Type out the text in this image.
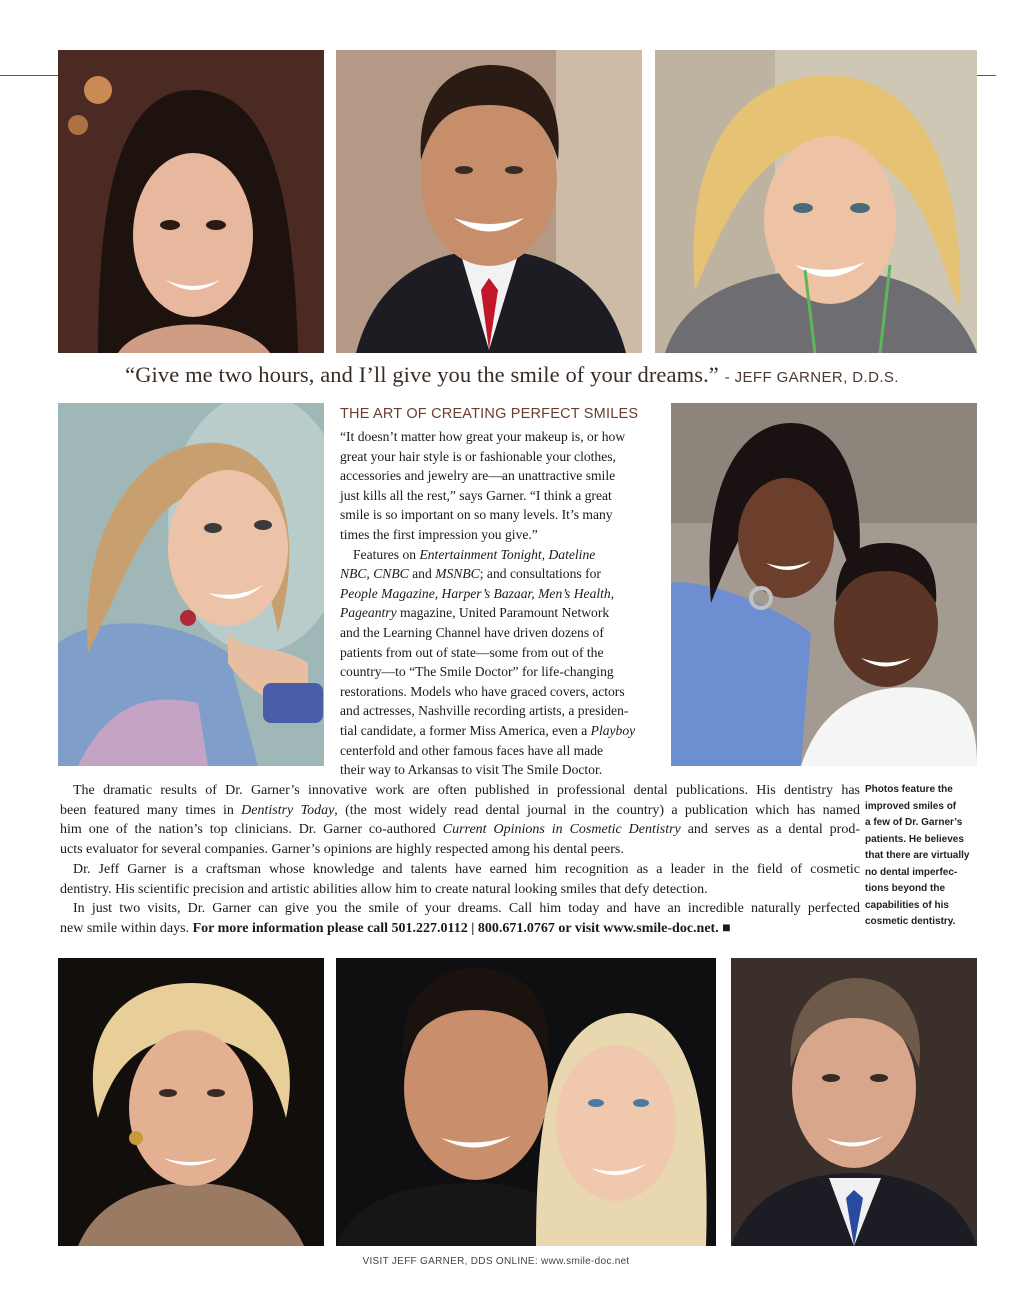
“Give me two hours, and I’ll give you the smile of your dreams.” - JEFF GARNER, D.D.S.
THE ART OF CREATING PERFECT SMILES
“It doesn’t matter how great your makeup is, or how
great your hair style is or fashionable your clothes,
accessories and jewelry are—an unattractive smile
just kills all the rest,” says Garner. “I think a great
smile is so important on so many levels. It’s many
times the first impression you give.”
Features on Entertainment Tonight, Dateline
NBC, CNBC and MSNBC; and consultations for
People Magazine, Harper’s Bazaar, Men’s Health,
Pageantry magazine, United Paramount Network
and the Learning Channel have driven dozens of
patients from out of state—some from out of the
country—to “The Smile Doctor” for life-changing
restorations. Models who have graced covers, actors
and actresses, Nashville recording artists, a presiden-
tial candidate, a former Miss America, even a Playboy
centerfold and other famous faces have all made
their way to Arkansas to visit The Smile Doctor.
The dramatic results of Dr. Garner’s innovative work are often published in professional dental publications. His dentistry has
been featured many times in Dentistry Today, (the most widely read dental journal in the country) a publication which has named
him one of the nation’s top clinicians. Dr. Garner co-authored Current Opinions in Cosmetic Dentistry and serves as a dental prod-
ucts evaluator for several companies. Garner’s opinions are highly respected among his dental peers.
Dr. Jeff Garner is a craftsman whose knowledge and talents have earned him recognition as a leader in the field of cosmetic
dentistry. His scientific precision and artistic abilities allow him to create natural looking smiles that defy detection.
In just two visits, Dr. Garner can give you the smile of your dreams. Call him today and have an incredible naturally perfected
new smile within days. For more information please call 501.227.0112 | 800.671.0767 or visit www.smile-doc.net. ■
Photos feature the
improved smiles of
a few of Dr. Garner’s
patients. He believes
that there are virtually
no dental imperfec-
tions beyond the
capabilities of his
cosmetic dentistry.
VISIT JEFF GARNER, DDS ONLINE: www.smile-doc.net
